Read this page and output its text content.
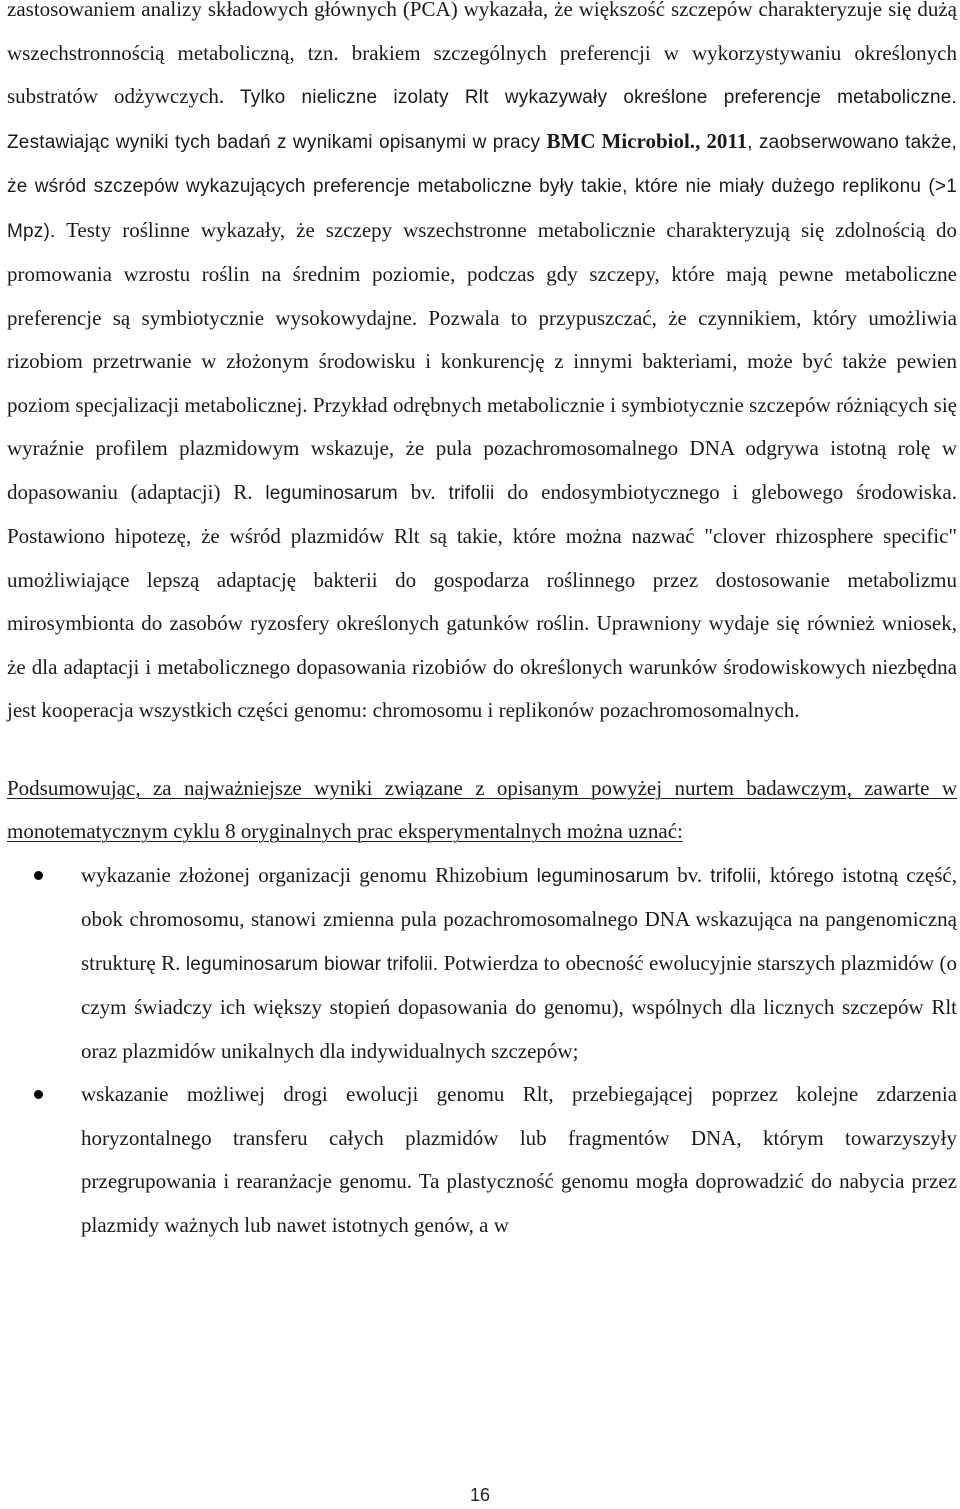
zastosowaniem analizy składowych głównych (PCA) wykazała, że większość szczepów charakteryzuje się dużą wszechstronnością metaboliczną, tzn. brakiem szczególnych preferencji w wykorzystywaniu określonych substratów odżywczych. Tylko nieliczne izolaty Rlt wykazywały określone preferencje metaboliczne. Zestawiając wyniki tych badań z wynikami opisanymi w pracy BMC Microbiol., 2011, zaobserwowano także, że wśród szczepów wykazujących preferencje metaboliczne były takie, które nie miały dużego replikonu (>1 Mpz). Testy roślinne wykazały, że szczepy wszechstronne metabolicznie charakteryzują się zdolnością do promowania wzrostu roślin na średnim poziomie, podczas gdy szczepy, które mają pewne metaboliczne preferencje są symbiotycznie wysokowydajne. Pozwala to przypuszczać, że czynnikiem, który umożliwia rizobiom przetrwanie w złożonym środowisku i konkurencję z innymi bakteriami, może być także pewien poziom specjalizacji metabolicznej. Przykład odrębnych metabolicznie i symbiotycznie szczepów różniących się wyraźnie profilem plazmidowym wskazuje, że pula pozachromosomalnego DNA odgrywa istotną rolę w dopasowaniu (adaptacji) R. leguminosarum bv. trifolii do endosymbiotycznego i glebowego środowiska. Postawiono hipotezę, że wśród plazmidów Rlt są takie, które można nazwać "clover rhizosphere specific" umożliwiające lepszą adaptację bakterii do gospodarza roślinnego przez dostosowanie metabolizmu mirosymbionta do zasobów ryzosfery określonych gatunków roślin. Uprawniony wydaje się również wniosek, że dla adaptacji i metabolicznego dopasowania rizobiów do określonych warunków środowiskowych niezbędna jest kooperacja wszystkich części genomu: chromosomu i replikonów pozachromosomalnych.

Podsumowując, za najważniejsze wyniki związane z opisanym powyżej nurtem badawczym, zawarte w monotematycznym cyklu 8 oryginalnych prac eksperymentalnych można uznać:

wykazanie złożonej organizacji genomu Rhizobium leguminosarum bv. trifolii, którego istotną część, obok chromosomu, stanowi zmienna pula pozachromosomalnego DNA wskazująca na pangenomiczną strukturę R. leguminosarum biowar trifolii. Potwierdza to obecność ewolucyjnie starszych plazmidów (o czym świadczy ich większy stopień dopasowania do genomu), wspólnych dla licznych szczepów Rlt oraz plazmidów unikalnych dla indywidualnych szczepów;
wskazanie możliwej drogi ewolucji genomu Rlt, przebiegającej poprzez kolejne zdarzenia horyzontalnego transferu całych plazmidów lub fragmentów DNA, którym towarzyszyły przegrupowania i rearanżacje genomu. Ta plastyczność genomu mogła doprowadzić do nabycia przez plazmidy ważnych lub nawet istotnych genów, a w
16
